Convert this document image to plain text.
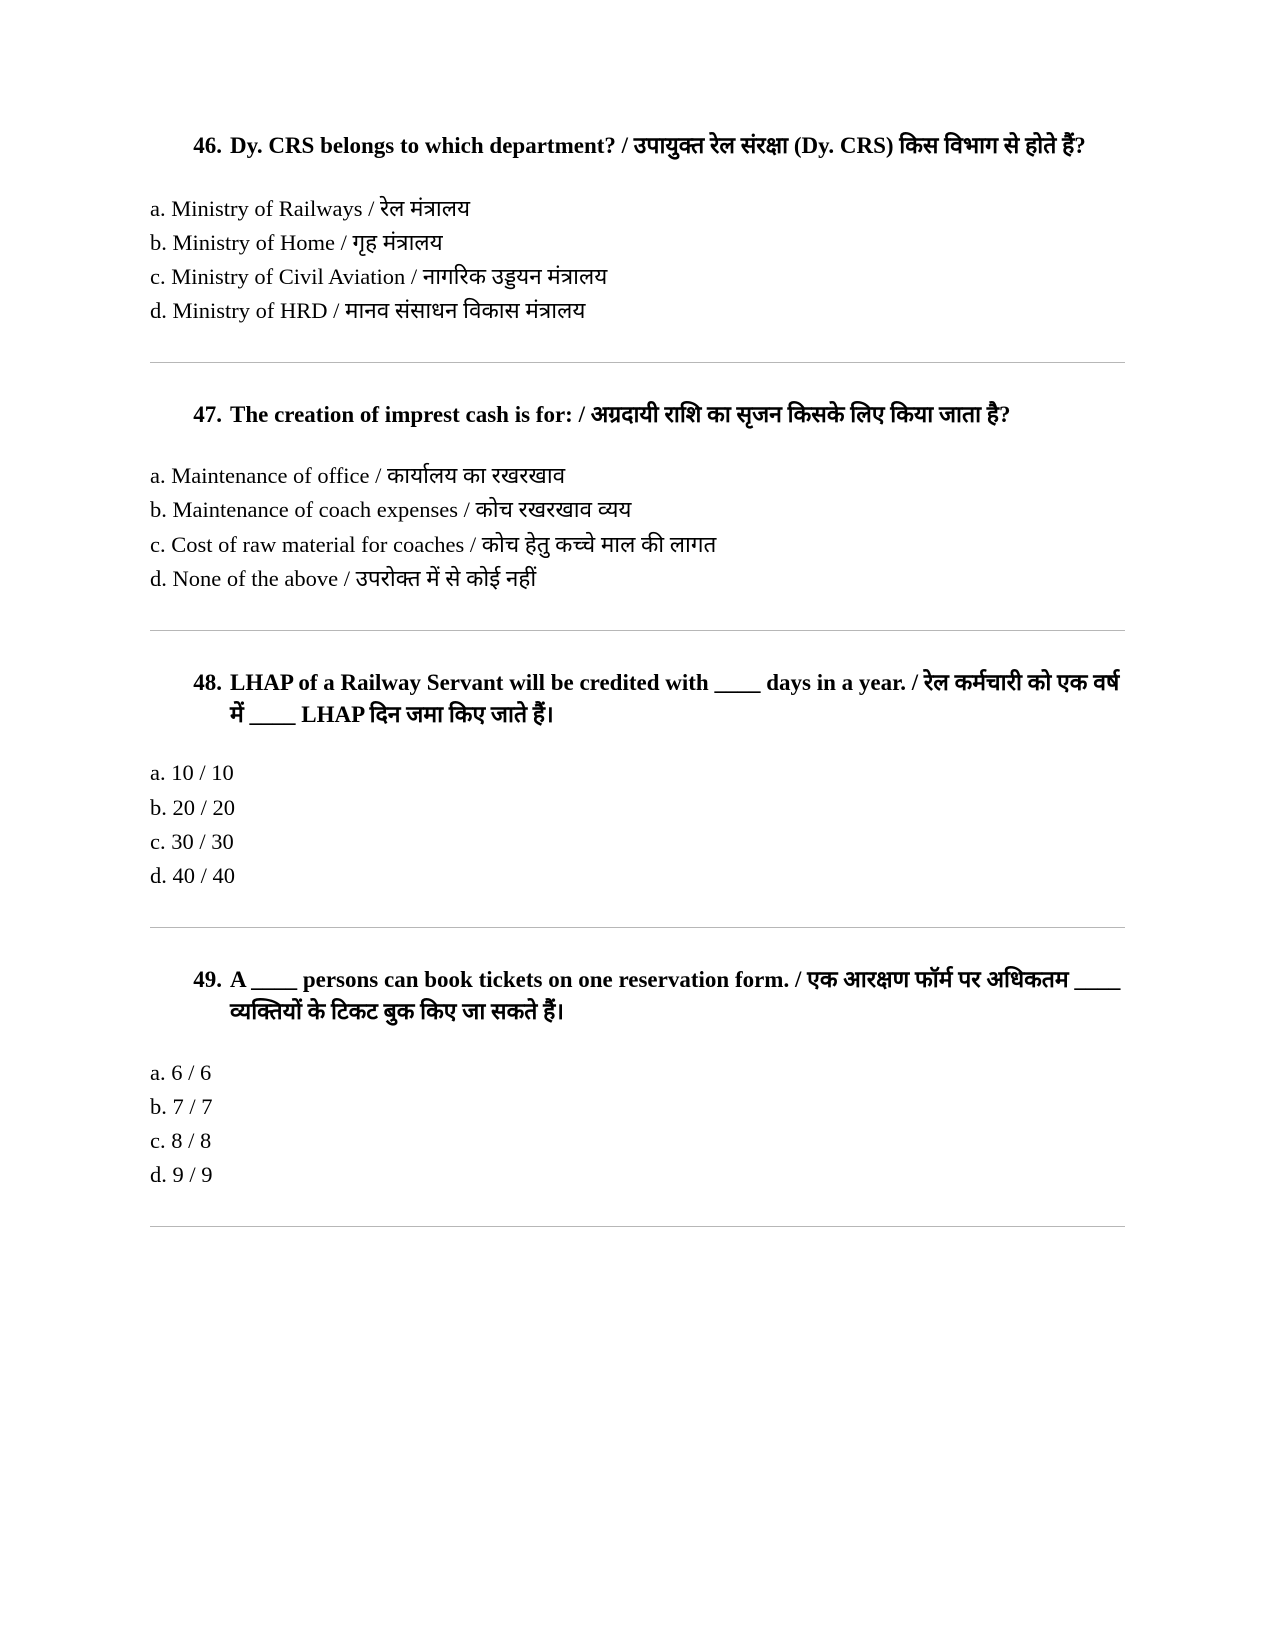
46. Dy. CRS belongs to which department? / उपायुक्त रेल संरक्षा (Dy. CRS) किस विभाग से होते हैं?
a. Ministry of Railways / रेल मंत्रालय
b. Ministry of Home / गृह मंत्रालय
c. Ministry of Civil Aviation / नागरिक उड्डयन मंत्रालय
d. Ministry of HRD / मानव संसाधन विकास मंत्रालय
47. The creation of imprest cash is for: / अग्रदायी राशि का सृजन किसके लिए किया जाता है?
a. Maintenance of office / कार्यालय का रखरखाव
b. Maintenance of coach expenses / कोच रखरखाव व्यय
c. Cost of raw material for coaches / कोच हेतु कच्चे माल की लागत
d. None of the above / उपरोक्त में से कोई नहीं
48. LHAP of a Railway Servant will be credited with ____ days in a year. / रेल कर्मचारी को एक वर्ष में ____ LHAP दिन जमा किए जाते हैं।
a. 10 / 10
b. 20 / 20
c. 30 / 30
d. 40 / 40
49. A ____ persons can book tickets on one reservation form. / एक आरक्षण फॉर्म पर अधिकतम ____ व्यक्तियों के टिकट बुक किए जा सकते हैं।
a. 6 / 6
b. 7 / 7
c. 8 / 8
d. 9 / 9
